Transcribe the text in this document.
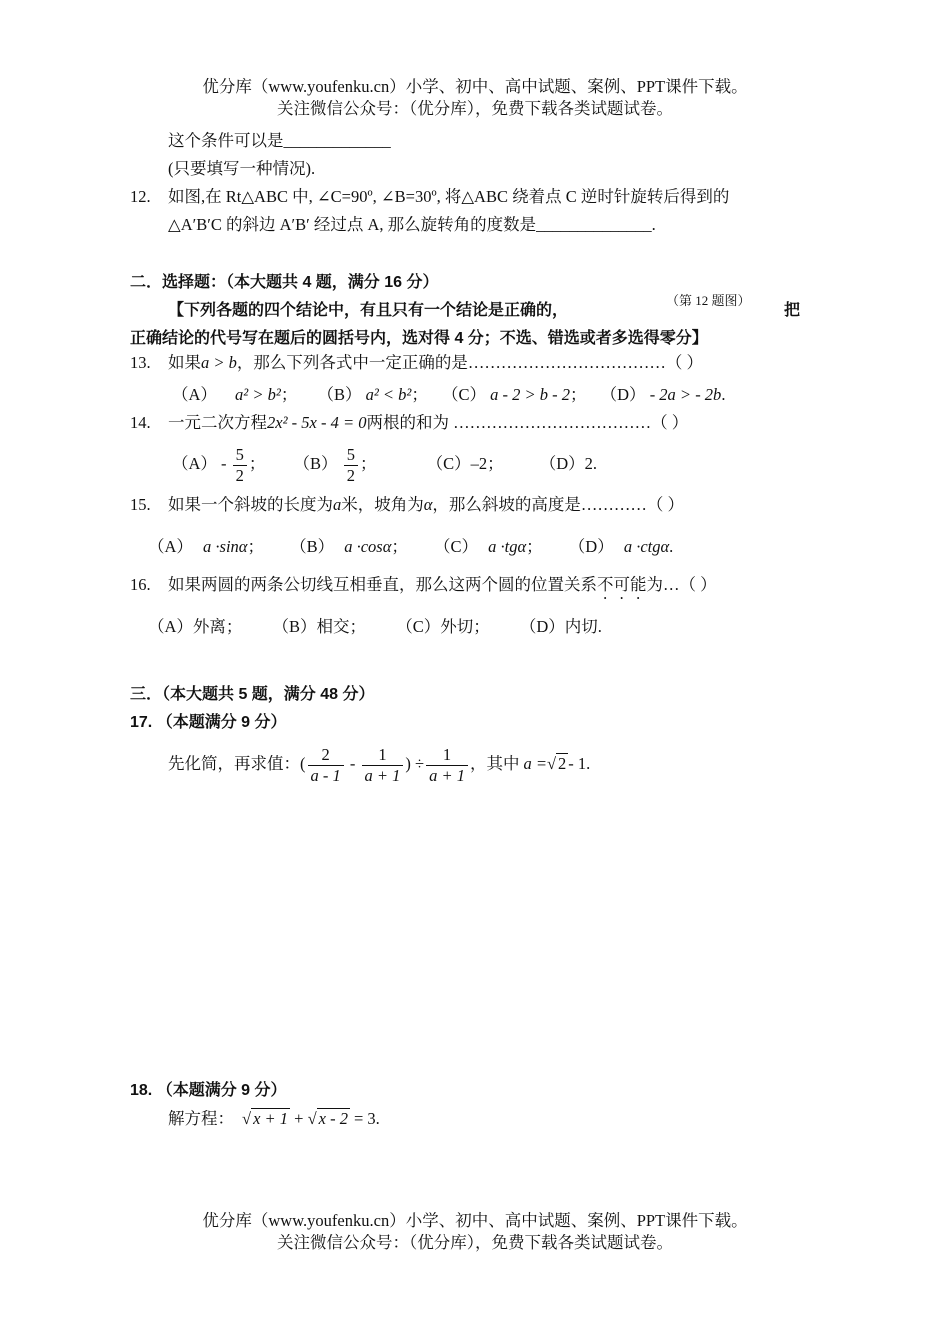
优分库（www.youfenku.cn）小学、初中、高中试题、案例、PPT课件下载。
关注微信公众号：（优分库），免费下载各类试题试卷。
这个条件可以是_____________
(只要填写一种情况).
12. 如图,在 Rt△ABC 中, ∠C=90º, ∠B=30º, 将△ABC 绕着点 C 逆时针旋转后得到的
△A′B′C 的斜边 A′B′ 经过点 A, 那么旋转角的度数是______________.
二．选择题：（本大题共 4 题，满分 16 分）
（第 12 题图）
【下列各题的四个结论中，有且只有一个结论是正确的，	把
正确结论的代号写在题后的圆括号内，选对得 4 分；不选、错选或者多选得零分】
13. 如果a > b，那么下列各式中一定正确的是………………………………（ ）
（A） a² > b²； （B） a² < b²； （C） a - 2 > b - 2； （D） - 2a > - 2b.
14. 一元二次方程2x² - 5x - 4 = 0两根的和为 ………………………………（ ）
$(A) - \frac{5}{2}$ ； $(B) \frac{5}{2}$ ；	（C）–2； （D）2.
15. 如果一个斜坡的长度为a米，坡角为α，那么斜坡的高度是…………（ ）
（A） a ·sinα； （B） a ·cosα； （C） a ·tgα； （D） a ·ctgα.
16. 如果两圆的两条公切线互相垂直，那么这两个圆的位置关系不可能为…（ ）
（A）外离； （B）相交； （C）外切； （D）内切.
三．（本大题共 5 题，满分 48 分）
17. （本题满分 9 分）
先化简，再求值：( $\frac{2}{a - 1} - \frac{1}{a + 1}$ ) ÷ $\frac{1}{a + 1}$ ，其中 a =√ 2 - 1.
18. （本题满分 9 分）
解方程： √ x + 1 + √ x - 2 = 3.
优分库（www.youfenku.cn）小学、初中、高中试题、案例、PPT课件下载。
关注微信公众号：（优分库），免费下载各类试题试卷。
